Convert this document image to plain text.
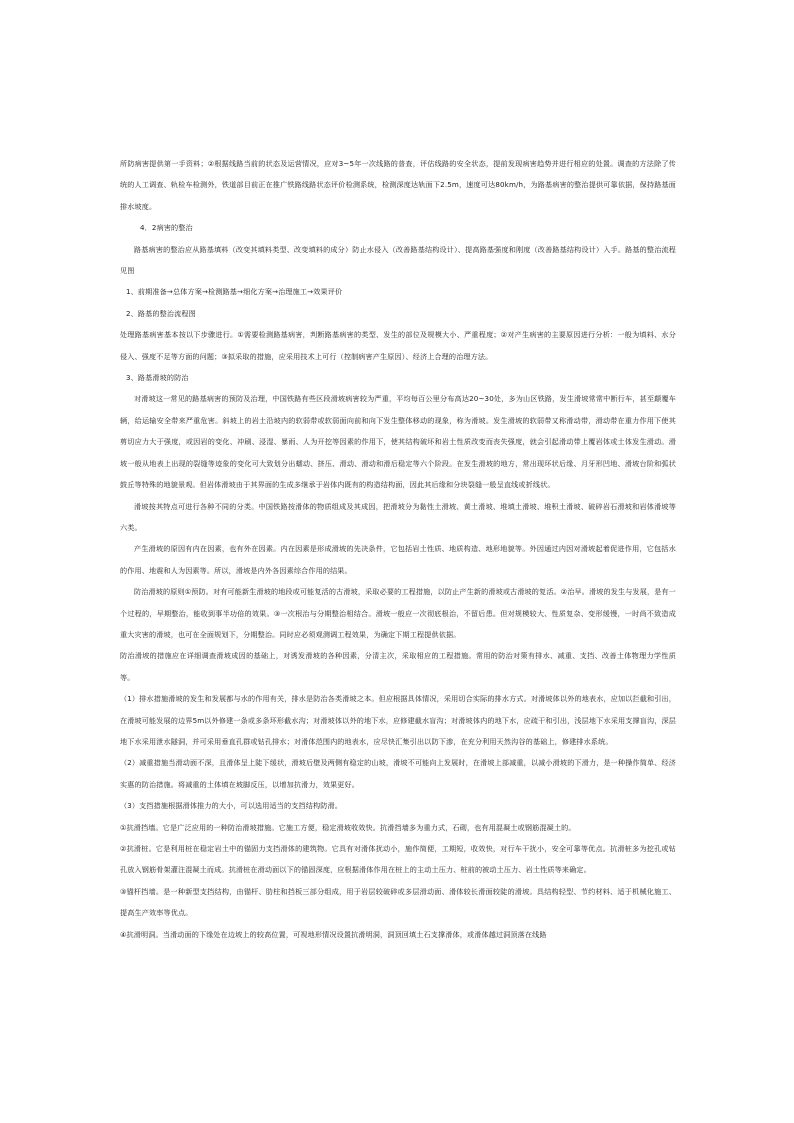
所防病害提供第一手资料；②根据线路当前的状态及运营情况，应对3~5年一次线路的普查，评估线路的安全状态，提前发现病害趋势并进行相应的处置。调查的方法除了传统的人工调查、轨检车检测外，铁道部目前正在推广铁路线路状态评价检测系统，检测深度达轨面下2.5m，速度可达80km/h，为路基病害的整治提供可靠依据，保持路基面排水坡度。

4．2病害的整治

路基病害的整治应从路基填料（改变其填料类型、改变填料的成分）防止水侵入（改善路基结构设计）、提高路基强度和刚度（改善路基结构设计）入手。路基的整治流程见图

1、前期准备→总体方案→检测路基→细化方案→治理施工→效果评价

2、路基的整治流程图

处理路基病害基本按以下步骤进行。①需要检测路基病害，判断路基病害的类型、发生的部位及规模大小、严重程度；②对产生病害的主要原因进行分析：一般为填料、水分侵入、强度不足等方面的问题；③拟采取的措施，应采用技术上可行（控制病害产生原因）、经济上合理的治理方法。

3、路基滑坡的防治

对滑坡这一常见的路基病害的预防及治理，中国铁路有些区段滑坡病害较为严重，平均每百公里分布高达20~30处，多为山区铁路，发生滑坡常常中断行车，甚至颠覆车辆，给运输安全带来严重危害。斜坡上的岩土沿坡内的软弱带或软弱面向前和向下发生整体移动的现象，称为滑坡。发生滑坡的软弱带又称滑动带，滑动带在重力作用下使其剪切应力大于强度，或因岩的变化、冲刷、浸湿、暴雨、人为开挖等因素的作用下，使其结构破坏和岩土性质改变而丧失强度，就会引起滑动带上覆岩体或土体发生滑动。滑坡一般从地表上出现的裂缝等迹象的变化可大致划分出蠕动、挤压、滑动、滑动和滑后稳定等六个阶段。在发生滑坡的地方，常出现环状后缘、月牙形凹地、滑坡台阶和弧状鼓丘等特殊的地貌景观。但岩体滑坡由于其界面的生成多继承于岩体内既有的构造结构面，因此其后缘和分块裂缝一般呈直线或折线状。

滑坡按其特点可进行各种不同的分类。中国铁路按滑体的物质组成及其成因，把滑坡分为黏性土滑坡、黄土滑坡、堆填土滑坡、堆积土滑坡、破碎岩石滑坡和岩体滑坡等六类。

产生滑坡的原因有内在因素，也有外在因素。内在因素是形成滑坡的先决条件，它包括岩土性质、地质构造、地形地貌等。外因通过内因对滑坡起着促进作用，它包括水的作用、地震和人为因素等。所以，滑坡是内外各因素综合作用的结果。

防治滑坡的原则①预防。对有可能新生滑坡的地段或可能复活的古滑坡，采取必要的工程措施，以防止产生新的滑坡或古滑坡的复活。②治早。滑坡的发生与发展，是有一个过程的，早期整治，能收到事半功倍的效果。③一次根治与分期整治相结合。滑坡一般应一次彻底根治，不留后患。但对规模较大、性质复杂、变形缓慢，一时尚不致造成重大灾害的滑坡，也可在全面规划下，分期整治。同时应必须观测调工程效果，为确定下期工程提供依据。

防治滑坡的措施应在详细调查滑坡成因的基础上，对诱发滑坡的各种因素，分清主次，采取相应的工程措施。常用的防治对策有排水、减重、支挡、改善土体物理力学性质等。

（1）排水措施滑坡的发生和发展都与水的作用有关，排水是防治各类滑坡之本。但应根据具体情况，采用切合实际的排水方式。对滑坡体以外的地表水，应加以拦截和引出，在滑坡可能发展的边界5m以外修建一条或多条环形截水沟；对滑坡体以外的地下水，应修建截水盲沟；对滑坡体内的地下水，应疏干和引出，浅层地下水采用支撑盲沟，深层地下水采用泄水隧洞，并可采用垂直孔群或钻孔排水；对滑体范围内的地表水，应尽快汇集引出以防下渗，在充分利用天然沟谷的基础上，修建排水系统。

（2）减重措施当滑动面不深，且滑体呈上陡下缓状，滑坡后壁及两侧有稳定的山坡，滑坡不可能向上发展时，在滑坡上部减重，以减小滑坡的下滑力，是一种操作简单、经济实惠的防治措施。将减重的土体填在坡脚反压，以增加抗滑力，效果更好。

（3）支挡措施根据滑体推力的大小，可以选用适当的支挡结构防滑。

①抗滑挡墙。它是广泛应用的一种防治滑坡措施。它施工方便，稳定滑坡收效快。抗滑挡墙多为重力式，石砌，也有用混凝土或钢筋混凝土的。

②抗滑桩。它是利用桩在稳定岩土中的锚固力支挡滑体的建筑物。它具有对滑体扰动小，施作简便，工期短，收效快，对行车干扰小，安全可靠等优点。抗滑桩多为挖孔或钻孔放入钢筋骨架灌注混凝土而成。抗滑桩在滑动面以下的锚固深度，应根据滑体作用在桩上的主动土压力、桩前的被动土压力、岩土性质等来确定。

③锚杆挡墙。是一种新型支挡结构，由锚杆、肋柱和挡板三部分组成，用于岩层较破碎或多层滑动面、滑体较长滑面较陡的滑坡。具结构轻型、节约材料、适于机械化施工、提高生产效率等优点。

④抗滑明洞。当滑动面的下缘处在边坡上的较高位置，可视地形情况设置抗滑明洞，洞顶回填土石支撑滑体，或滑体越过洞顶落在线路
